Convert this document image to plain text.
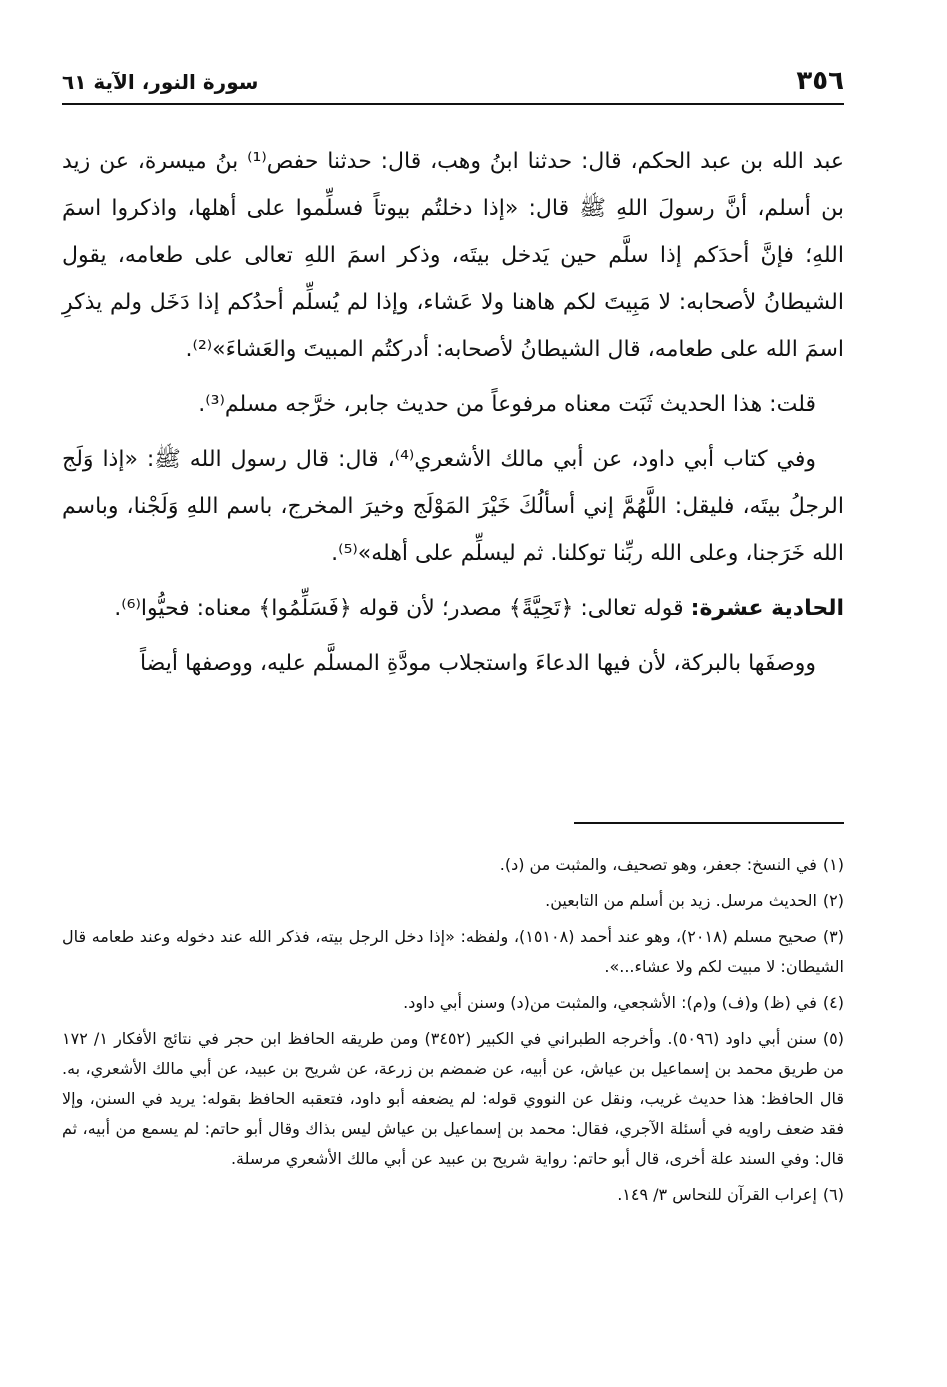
٣٥٦
سورة النور، الآية ٦١

عبد الله بن عبد الحكم، قال: حدثنا ابنُ وهب، قال: حدثنا حفص⁽¹⁾ بنُ ميسرة، عن زيد بن أسلم، أنَّ رسولَ اللهِ ﷺ قال: «إذا دخلتُم بيوتاً فسلِّموا على أهلها، واذكروا اسمَ اللهِ؛ فإنَّ أحدَكم إذا سلَّم حين يَدخل بيتَه، وذكر اسمَ اللهِ تعالى على طعامه، يقول الشيطانُ لأصحابه: لا مَبِيتَ لكم هاهنا ولا عَشاء، وإذا لم يُسلِّم أحدُكم إذا دَخَل ولم يذكرِ اسمَ الله على طعامه، قال الشيطانُ لأصحابه: أدركتُم المبيتَ والعَشاءَ»⁽²⁾.

قلت: هذا الحديث ثَبَت معناه مرفوعاً من حديث جابر، خرَّجه مسلم⁽³⁾.

وفي كتاب أبي داود، عن أبي مالك الأشعري⁽⁴⁾، قال: قال رسول الله ﷺ: «إذا وَلَج الرجلُ بيتَه، فليقل: اللَّهُمَّ إني أسألُكَ خَيْرَ المَوْلَج وخيرَ المخرج، باسم اللهِ وَلَجْنا، وباسم الله خَرَجنا، وعلى الله ربِّنا توكلنا. ثم ليسلِّم على أهله»⁽⁵⁾.

الحادية عشرة: قوله تعالى: ﴿تَحِيَّةً﴾ مصدر؛ لأن قوله ﴿فَسَلِّمُوا﴾ معناه: فحيُّوا⁽⁶⁾.

ووصفَها بالبركة، لأن فيها الدعاءَ واستجلاب مودَّةِ المسلَّم عليه، ووصفها أيضاً

(١)في النسخ: جعفر، وهو تصحيف، والمثبت من (د).
(٢)الحديث مرسل. زيد بن أسلم من التابعين.
(٣)صحيح مسلم (٢٠١٨)، وهو عند أحمد (١٥١٠٨)، ولفظه: «إذا دخل الرجل بيته، فذكر الله عند دخوله وعند طعامه قال الشيطان: لا مبيت لكم ولا عشاء...».
(٤)في (ظ) و(ف) و(م): الأشجعي، والمثبت من(د) وسنن أبي داود.
(٥)سنن أبي داود (٥٠٩٦). وأخرجه الطبراني في الكبير (٣٤٥٢) ومن طريقه الحافظ ابن حجر في نتائج الأفكار ١/ ١٧٢ من طريق محمد بن إسماعيل بن عياش، عن أبيه، عن ضمضم بن زرعة، عن شريح بن عبيد، عن أبي مالك الأشعري، به. قال الحافظ: هذا حديث غريب، ونقل عن النووي قوله: لم يضعفه أبو داود، فتعقبه الحافظ بقوله: يريد في السنن، وإلا فقد ضعف راويه في أسئلة الآجري، فقال: محمد بن إسماعيل بن عياش ليس بذاك وقال أبو حاتم: لم يسمع من أبيه، ثم قال: وفي السند علة أخرى، قال أبو حاتم: رواية شريح بن عبيد عن أبي مالك الأشعري مرسلة.
(٦)إعراب القرآن للنحاس ٣/ ١٤٩.
